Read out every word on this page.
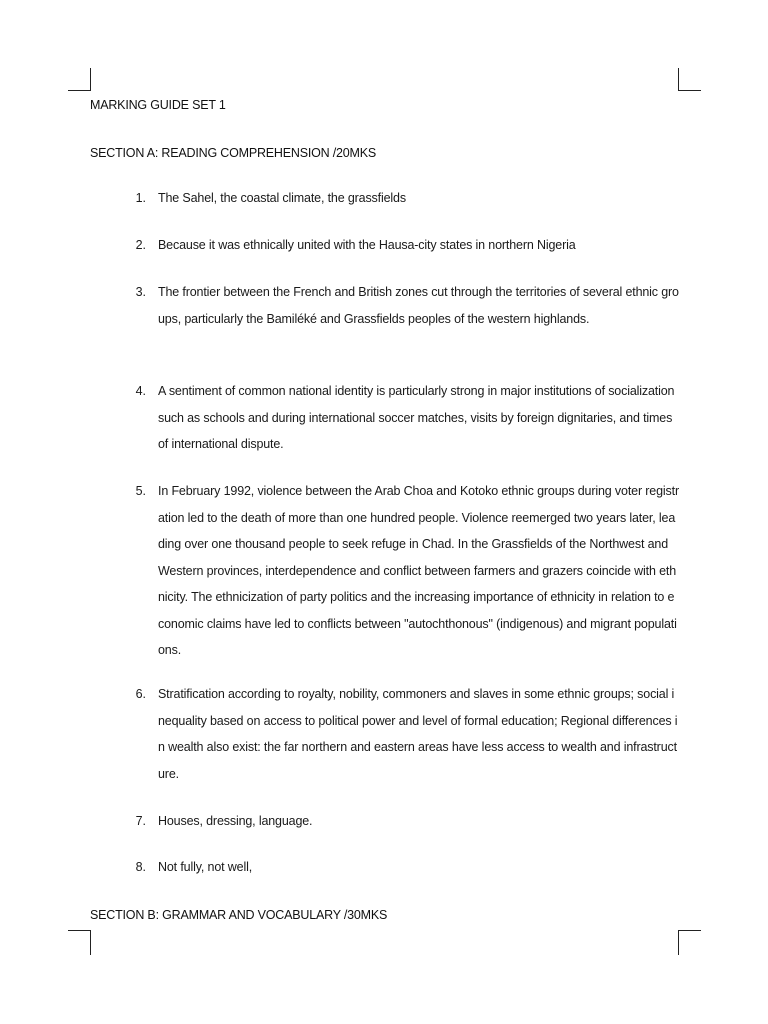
MARKING GUIDE SET 1
SECTION A: READING COMPREHENSION /20MKS
1. The Sahel, the coastal climate, the grassfields
2. Because it was ethnically united with the Hausa-city states in northern Nigeria
3. The frontier between the French and British zones cut through the territories of several ethnic groups, particularly the Bamiléké and Grassfields peoples of the western highlands.
4. A sentiment of common national identity is particularly strong in major institutions of socialization such as schools and during international soccer matches, visits by foreign dignitaries, and times of international dispute.
5. In February 1992, violence between the Arab Choa and Kotoko ethnic groups during voter registration led to the death of more than one hundred people. Violence reemerged two years later, leading over one thousand people to seek refuge in Chad. In the Grassfields of the Northwest and Western provinces, interdependence and conflict between farmers and grazers coincide with ethnicity. The ethnicization of party politics and the increasing importance of ethnicity in relation to economic claims have led to conflicts between "autochthonous" (indigenous) and migrant populations.
6. Stratification according to royalty, nobility, commoners and slaves in some ethnic groups; social inequality based on access to political power and level of formal education; Regional differences in wealth also exist: the far northern and eastern areas have less access to wealth and infrastructure.
7. Houses, dressing, language.
8. Not fully, not well,
SECTION B: GRAMMAR AND VOCABULARY /30MKS
